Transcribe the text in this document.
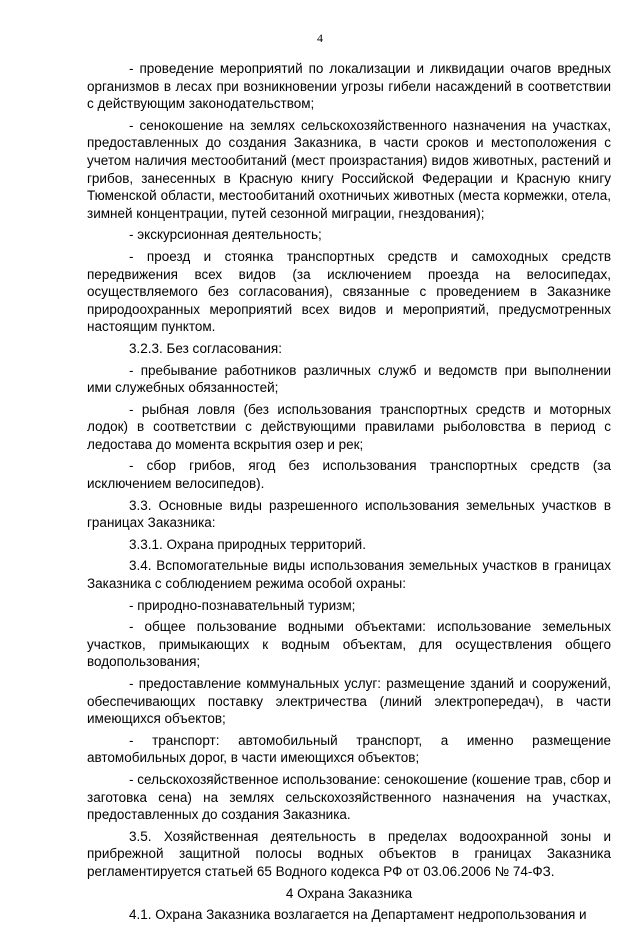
4

- проведение мероприятий по локализации и ликвидации очагов вредных организмов в лесах при возникновении угрозы гибели насаждений в соответствии с действующим законодательством;

- сенокошение на землях сельскохозяйственного назначения на участках, предоставленных до создания Заказника, в части сроков и местоположения с учетом наличия местообитаний (мест произрастания) видов животных, растений и грибов, занесенных в Красную книгу Российской Федерации и Красную книгу Тюменской области, местообитаний охотничьих животных (места кормежки, отела, зимней концентрации, путей сезонной миграции, гнездования);

- экскурсионная деятельность;

- проезд и стоянка транспортных средств и самоходных средств передвижения всех видов (за исключением проезда на велосипедах, осуществляемого без согласования), связанные с проведением в Заказнике природоохранных мероприятий всех видов и мероприятий, предусмотренных настоящим пунктом.

3.2.3. Без согласования:

- пребывание работников различных служб и ведомств при выполнении ими служебных обязанностей;

- рыбная ловля (без использования транспортных средств и моторных лодок) в соответствии с действующими правилами рыболовства в период с ледостава до момента вскрытия озер и рек;

- сбор грибов, ягод без использования транспортных средств (за исключением велосипедов).

3.3. Основные виды разрешенного использования земельных участков в границах Заказника:

3.3.1. Охрана природных территорий.

3.4. Вспомогательные виды использования земельных участков в границах Заказника с соблюдением режима особой охраны:

- природно-познавательный туризм;

- общее пользование водными объектами: использование земельных участков, примыкающих к водным объектам, для осуществления общего водопользования;

- предоставление коммунальных услуг: размещение зданий и сооружений, обеспечивающих поставку электричества (линий электропередач), в части имеющихся объектов;

- транспорт: автомобильный транспорт, а именно размещение автомобильных дорог, в части имеющихся объектов;

- сельскохозяйственное использование: сенокошение (кошение трав, сбор и заготовка сена) на землях сельскохозяйственного назначения на участках, предоставленных до создания Заказника.

3.5. Хозяйственная деятельность в пределах водоохранной зоны и прибрежной защитной полосы водных объектов в границах Заказника регламентируется статьей 65 Водного кодекса РФ от 03.06.2006 № 74-ФЗ.

4 Охрана Заказника

4.1. Охрана Заказника возлагается на Департамент недропользования и
